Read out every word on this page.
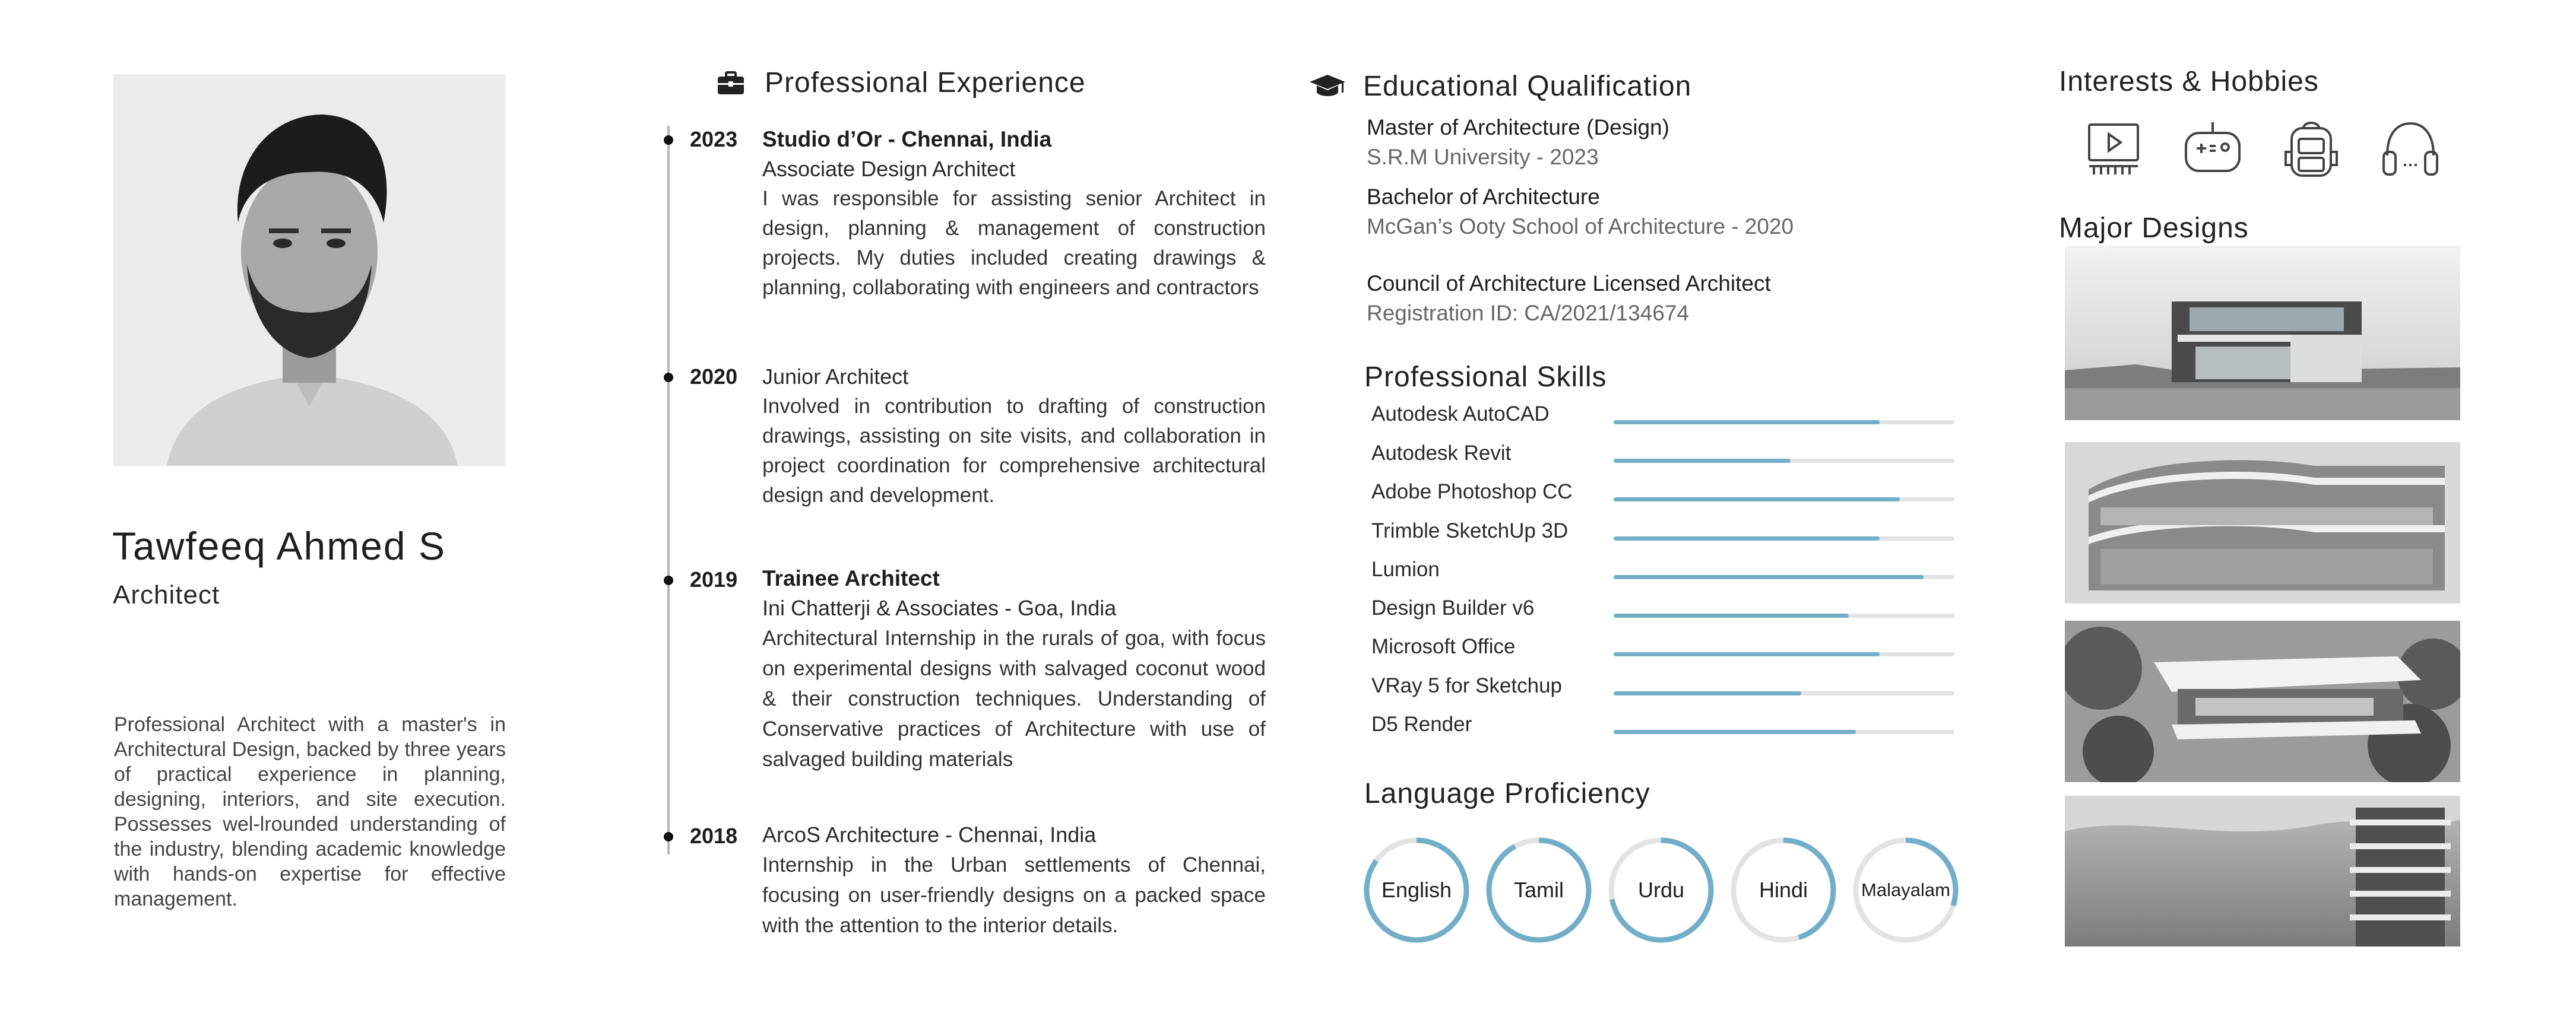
Tawfeeq Ahmed S
Architect
Professional Architect with a master's in Architectural Design, backed by three years of practical experience in planning, designing, interiors, and site execution. Possesses wel-lrounded understanding of the industry, blending academic knowledge with hands-on expertise for effective management.
Professional Experience
2023 Studio d’Or - Chennai, India
Associate Design Architect
I was responsible for assisting senior Architect in design, planning & management of construction projects. My duties included creating drawings & planning, collaborating with engineers and contractors
2020 Junior Architect
Involved in contribution to drafting of construction drawings, assisting on site visits, and collaboration in project coordination for comprehensive architectural design and development.
2019 Trainee Architect
Ini Chatterji & Associates - Goa, India
Architectural Internship in the rurals of goa, with focus on experimental designs with salvaged coconut wood & their construction techniques. Understanding of Conservative practices of Architecture with use of salvaged building materials
2018 ArcoS Architecture - Chennai, India
Internship in the Urban settlements of Chennai, focusing on user-friendly designs on a packed space with the attention to the interior details.
Educational Qualification
Master of Architecture (Design)
S.R.M University - 2023
Bachelor of Architecture
McGan’s Ooty School of Architecture - 2020
Council of Architecture Licensed Architect
Registration ID: CA/2021/134674
Professional Skills
Autodesk AutoCAD
Autodesk Revit
Adobe Photoshop CC
Trimble SketchUp 3D
Lumion
Design Builder v6
Microsoft Office
VRay 5 for Sketchup
D5 Render
Language Proficiency
English	Tamil	Urdu	Hindi	Malayalam
Interests & Hobbies
Major Designs
